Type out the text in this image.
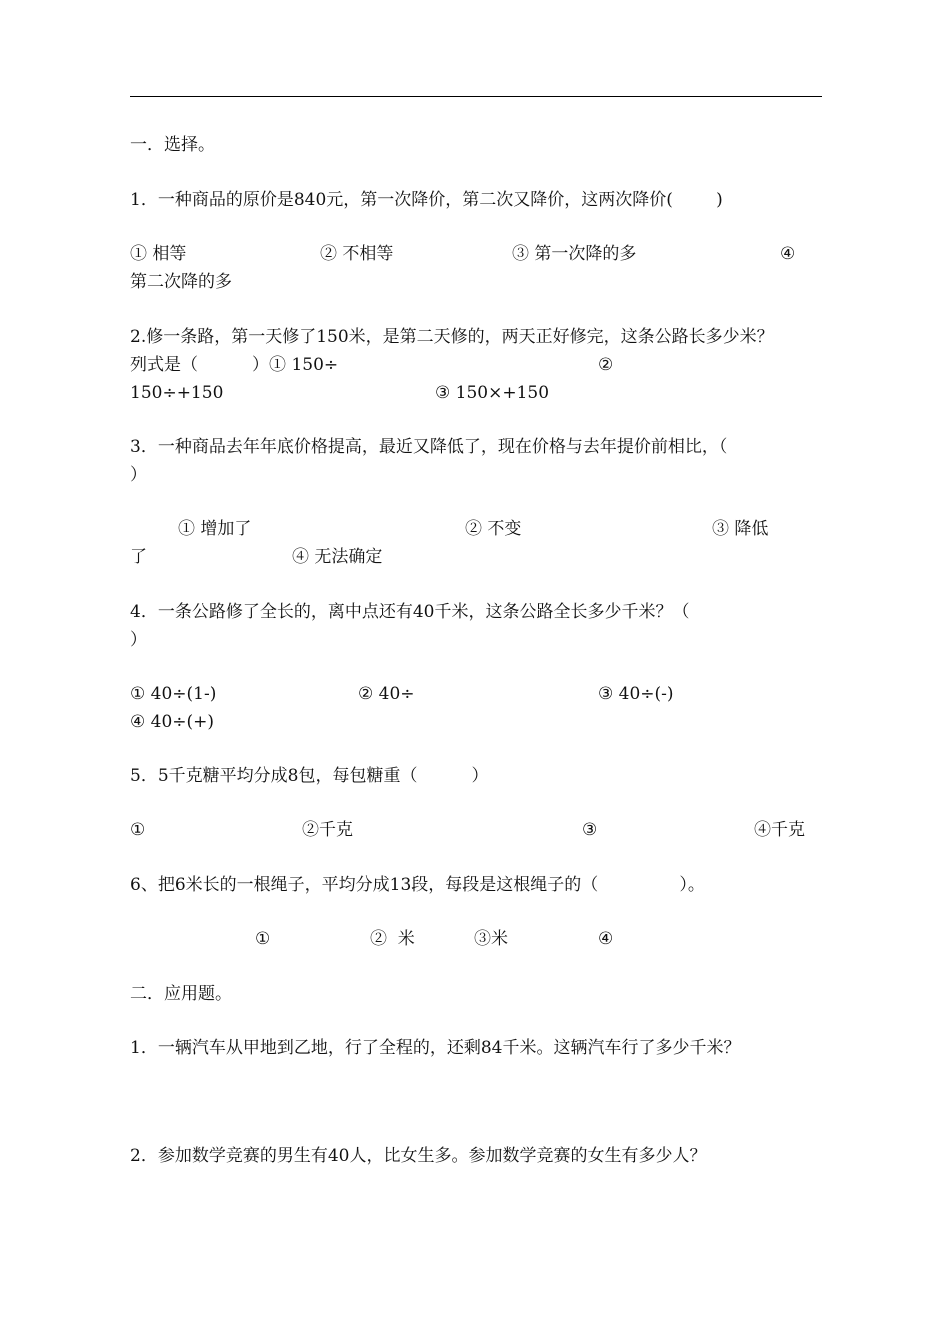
一．选择。
1．一种商品的原价是840元，第一次降价，第二次又降价，这两次降价(        )
① 相等	② 不相等	③ 第一次降的多	④
第二次降的多
2.修一条路，第一天修了150米，是第二天修的，两天正好修完，这条公路长多少米？
列式是（          ）① 150÷	②
150÷+150	③ 150×+150
3．一种商品去年年底价格提高，最近又降低了，现在价格与去年提价前相比，（
）
① 增加了	② 不变	③ 降低
了	④ 无法确定
4．一条公路修了全长的，离中点还有40千米，这条公路全长多少千米？（
）
① 40÷(1-)	② 40÷	③ 40÷(-)
④ 40÷(+)
5．5千克糖平均分成8包，每包糖重（          ）
①	②千克	③	④千克
6、把6米长的一根绳子，平均分成13段，每段是这根绳子的（               ）。
①	②  米	③米	④
二．应用题。
1．一辆汽车从甲地到乙地，行了全程的，还剩84千米。这辆汽车行了多少千米？
2．参加数学竞赛的男生有40人，比女生多。参加数学竞赛的女生有多少人？
